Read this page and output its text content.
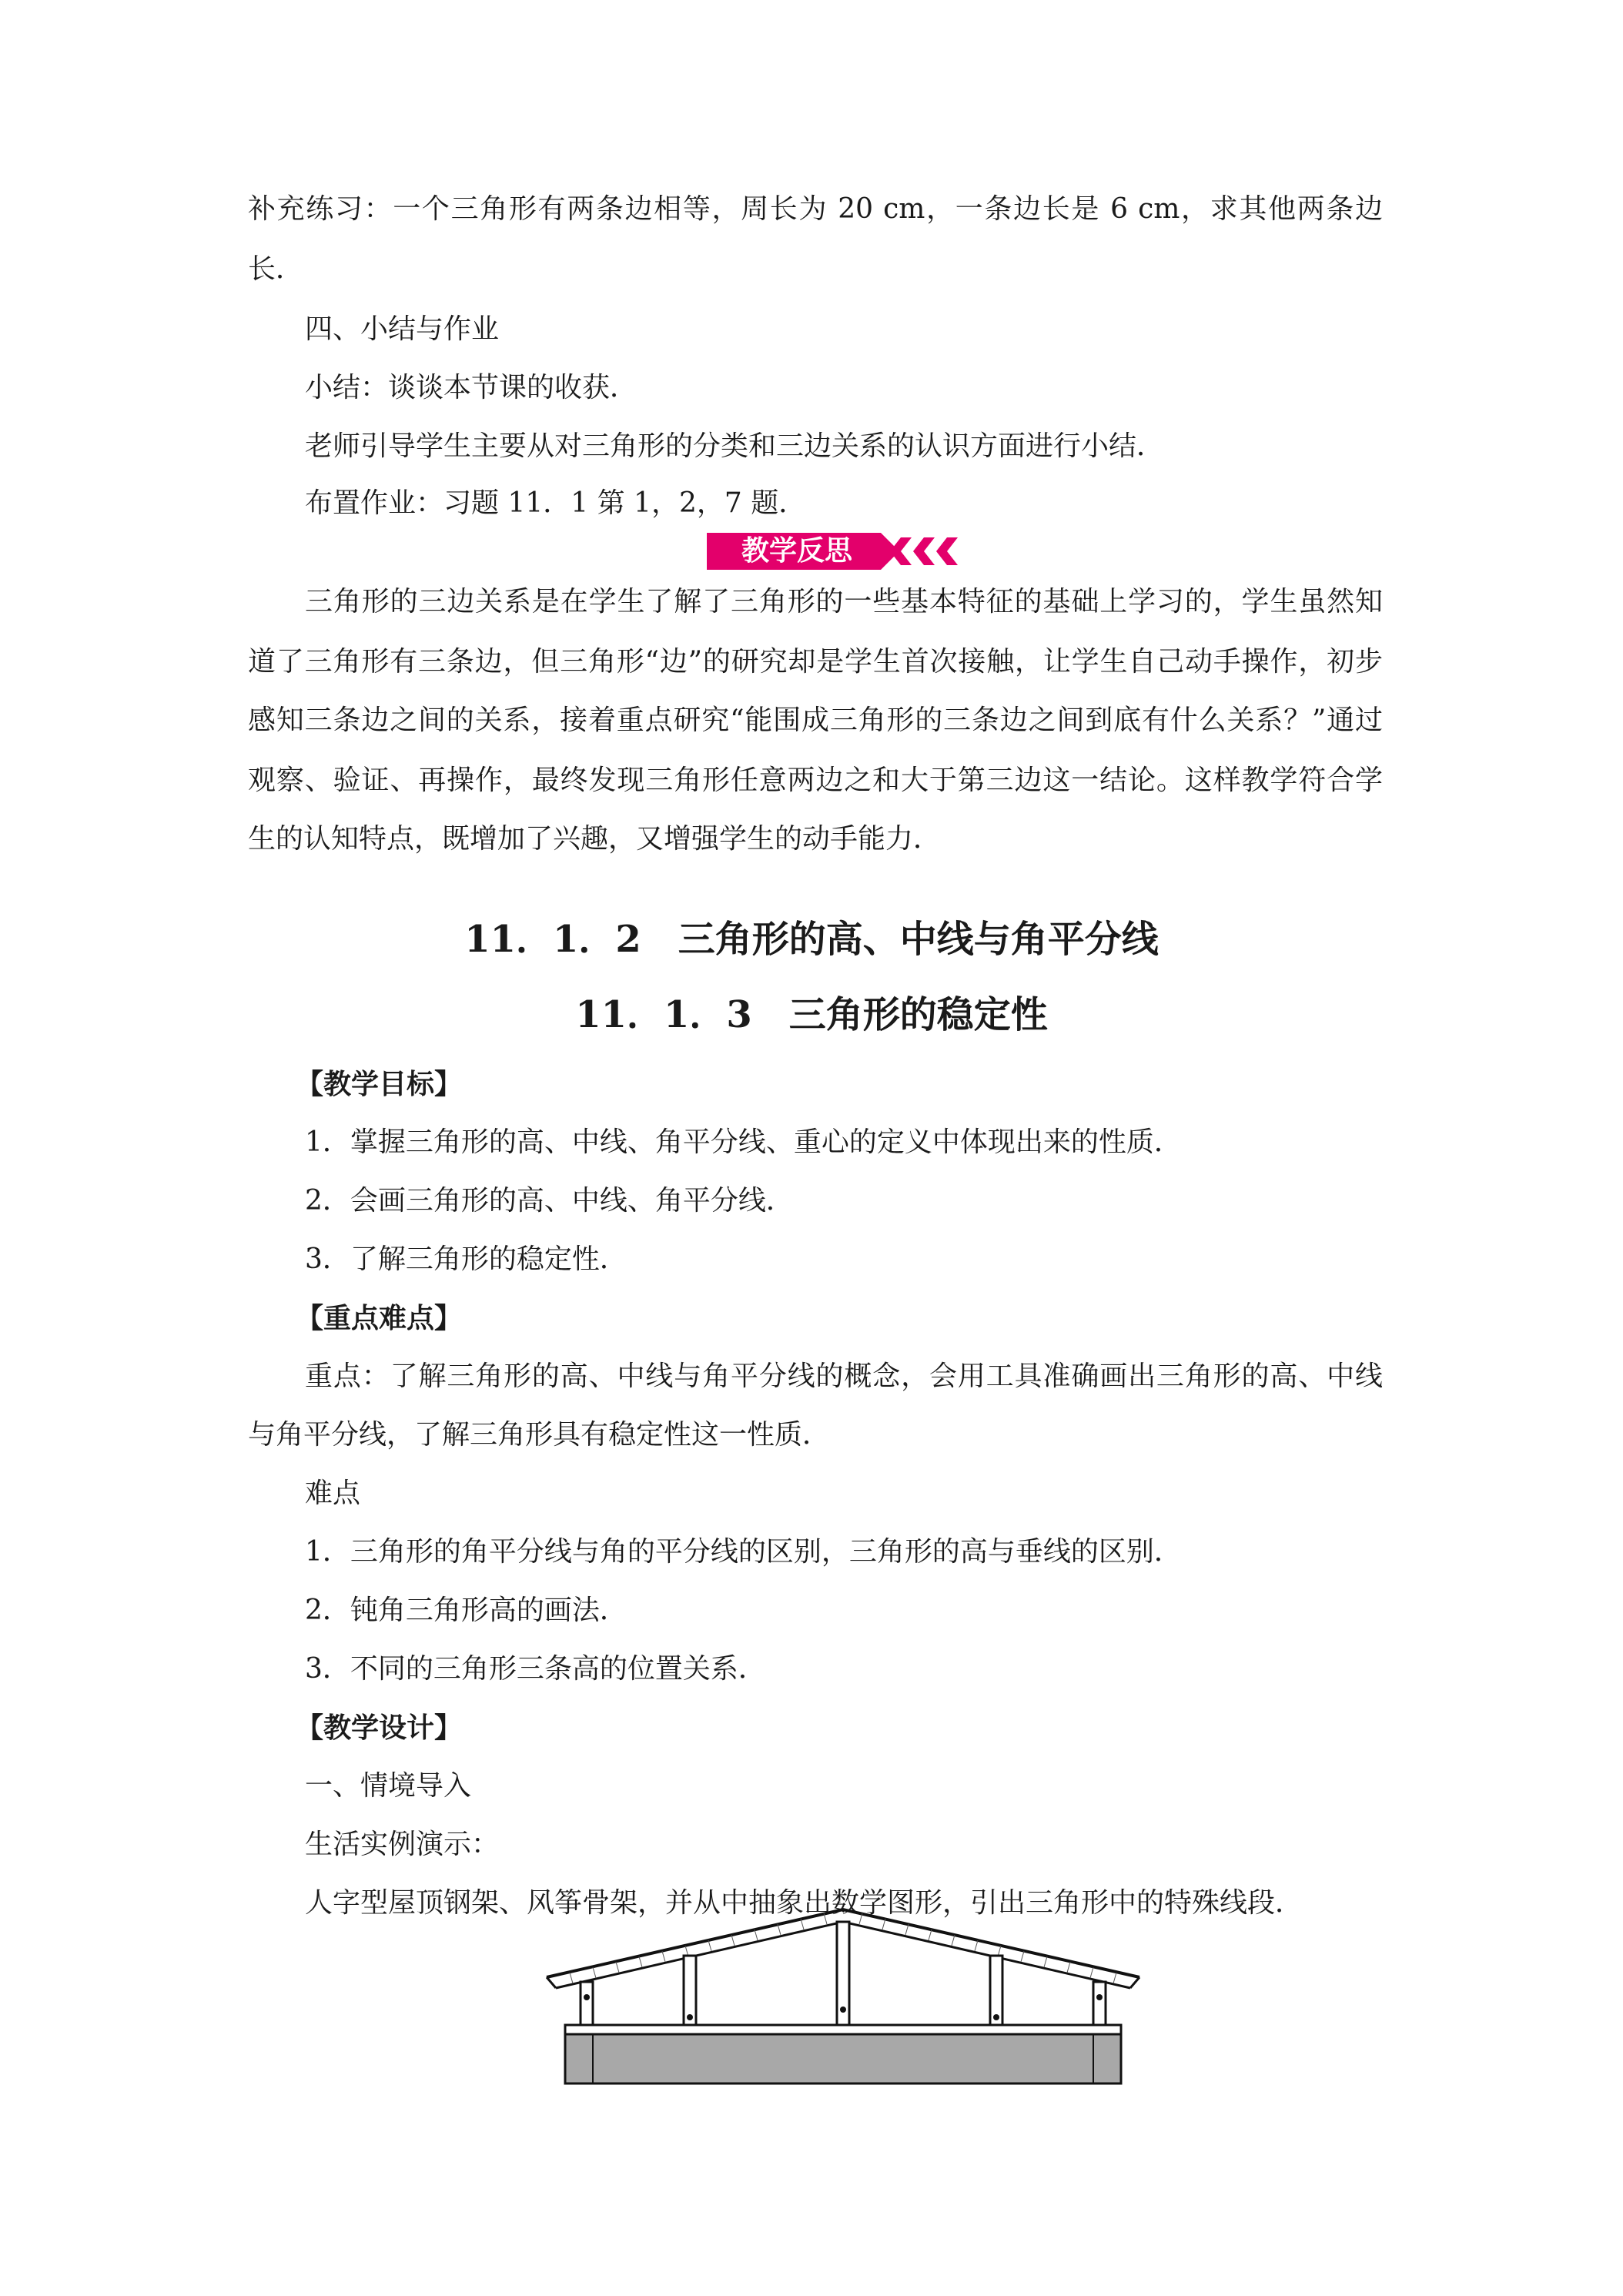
补充练习：一个三角形有两条边相等，周长为 20 cm，一条边长是 6 cm，求其他两条边
长．
四、小结与作业
小结：谈谈本节课的收获．
老师引导学生主要从对三角形的分类和三边关系的认识方面进行小结．
布置作业：习题 11．1 第 1，2，7 题．
教学反思
三角形的三边关系是在学生了解了三角形的一些基本特征的基础上学习的，学生虽然知
道了三角形有三条边，但三角形“边”的研究却是学生首次接触，让学生自己动手操作，初步
感知三条边之间的关系，接着重点研究“能围成三角形的三条边之间到底有什么关系？”通过
观察、验证、再操作，最终发现三角形任意两边之和大于第三边这一结论。这样教学符合学
生的认知特点，既增加了兴趣，又增强学生的动手能力．
11．1．2　三角形的高、中线与角平分线
11．1．3　三角形的稳定性
【教学目标】
1．掌握三角形的高、中线、角平分线、重心的定义中体现出来的性质．
2．会画三角形的高、中线、角平分线．
3．了解三角形的稳定性．
【重点难点】
重点：了解三角形的高、中线与角平分线的概念，会用工具准确画出三角形的高、中线
与角平分线，了解三角形具有稳定性这一性质．
难点
1．三角形的角平分线与角的平分线的区别，三角形的高与垂线的区别．
2．钝角三角形高的画法．
3．不同的三角形三条高的位置关系．
【教学设计】
一、情境导入
生活实例演示：
人字型屋顶钢架、风筝骨架，并从中抽象出数学图形，引出三角形中的特殊线段．
